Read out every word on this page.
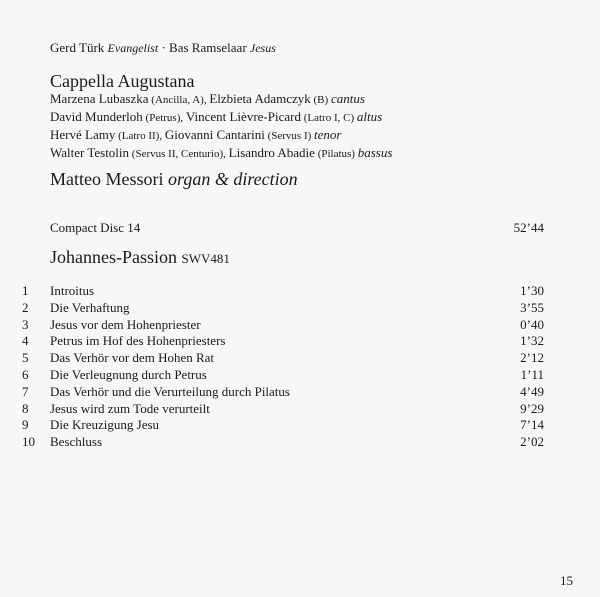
Gerd Türk Evangelist · Bas Ramselaar Jesus
Cappella Augustana
Marzena Lubaszka (Ancilla, A), Elzbieta Adamczyk (B) cantus
David Munderloh (Petrus), Vincent Lièvre-Picard (Latro I, C) altus
Hervé Lamy (Latro II), Giovanni Cantarini (Servus I) tenor
Walter Testolin (Servus II, Centurio), Lisandro Abadie (Pilatus) bassus
Matteo Messori organ & direction
Compact Disc 14	52’44
Johannes-Passion SWV481
1	Introitus	1’30
2	Die Verhaftung	3’55
3	Jesus vor dem Hohenpriester	0’40
4	Petrus im Hof des Hohenpriesters	1’32
5	Das Verhör vor dem Hohen Rat	2’12
6	Die Verleugnung durch Petrus	1’11
7	Das Verhör und die Verurteilung durch Pilatus	4’49
8	Jesus wird zum Tode verurteilt	9’29
9	Die Kreuzigung Jesu	7’14
10	Beschluss	2’02
15
